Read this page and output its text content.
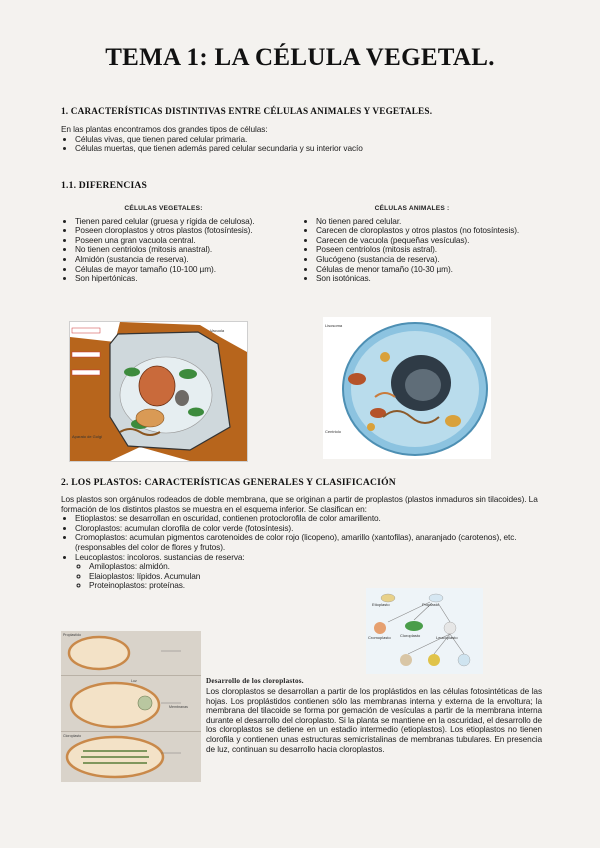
TEMA 1: LA CÉLULA VEGETAL.

1. CARACTERÍSTICAS DISTINTIVAS ENTRE CÉLULAS ANIMALES Y VEGETALES.

En las plantas encontramos dos grandes tipos de células:
• Células vivas, que tienen pared celular primaria.
• Células muertas, que tienen además pared celular secundaria y su interior vacío

1.1. DIFERENCIAS

CÉLULAS VEGETALES:
• Tienen pared celular (gruesa y rígida de celulosa).
• Poseen cloroplastos y otros plastos (fotosíntesis).
• Poseen una gran vacuola central.
• No tienen centriolos (mitosis anastral).
• Almidón (sustancia de reserva).
• Células de mayor tamaño (10-100 µm).
• Son hipertónicas.
CÉLULAS ANIMALES :
• No tienen pared celular.
• Carecen de cloroplastos y otros plastos (no fotosíntesis).
• Carecen de vacuola (pequeñas vesículas).
• Poseen centriolos (mitosis astral).
• Glucógeno (sustancia de reserva).
• Células de menor tamaño (10-30 µm).
• Son isotónicas.
Aparato de Golgi
Vacuola
Lisosoma
Centriolo

2. LOS PLASTOS: CARACTERÍSTICAS GENERALES Y CLASIFICACIÓN

Los plastos son orgánulos rodeados de doble membrana, que se originan a partir de proplastos (plastos inmaduros sin tilacoides). La formación de los distintos plastos se muestra en el esquema inferior. Se clasifican en:
• Etioplastos: se desarrollan en oscuridad, contienen protoclorofila de color amarillento.
• Cloroplastos: acumulan clorofila de color verde (fotosíntesis).
• Cromoplastos: acumulan pigmentos carotenoides de color rojo (licopeno), amarillo (xantofilas), anaranjado (carotenos), etc. (responsables del color de flores y frutos).
• Leucoplastos: incoloros. sustancias de reserva:
◦ Amiloplastos: almidón.
◦ Elaioplastos: lípidos. Acumulan
◦ Proteinoplastos: proteínas.
Etioplasto	Proplasto
Cromoplasto Cloroplasto	Leucoplasto
Proplastido
Luz
Membranas
Cloroplasto
Desarrollo de los cloroplastos.
Los cloroplastos se desarrollan a partir de los proplástidos en las células fotosintéticas de las hojas. Los proplástidos contienen sólo las membranas interna y externa de la envoltura; la membrana del tilacoide se forma por gemación de vesículas a partir de la membrana interna durante el desarrollo del cloroplasto. Si la planta se mantiene en la oscuridad, el desarrollo de los cloroplastos se detiene en un estadio intermedio (etioplastos). Los etioplastos no tienen clorofila y contienen unas estructuras semicristalinas de membranas tubulares. En presencia de luz, continuan su desarrollo hacia cloroplastos.
